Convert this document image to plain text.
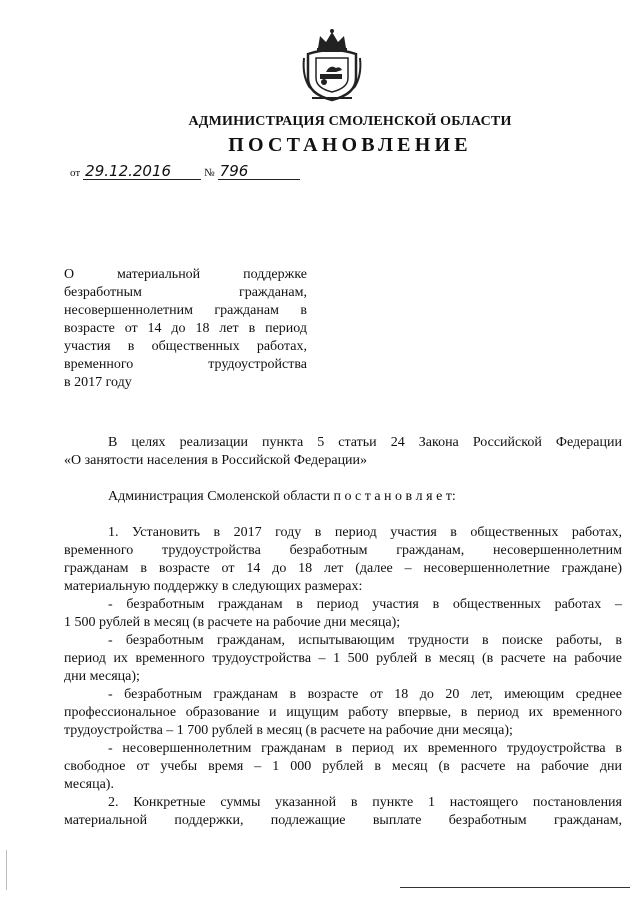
АДМИНИСТРАЦИЯ СМОЛЕНСКОЙ ОБЛАСТИ
ПОСТАНОВЛЕНИЕ
от 29.12.2016	№ 796
О материальной поддержке
безработным гражданам,
несовершеннолетним гражданам в
возрасте от 14 до 18 лет в период
участия в общественных работах,
временного трудоустройства
в 2017 году
В целях реализации пункта 5 статьи 24 Закона Российской Федерации
«О занятости населения в Российской Федерации»
Администрация Смоленской области п о с т а н о в л я е т:
1. Установить в 2017 году в период участия в общественных работах,
временного трудоустройства безработным гражданам, несовершеннолетним
гражданам в возрасте от 14 до 18 лет (далее – несовершеннолетние граждане)
материальную поддержку в следующих размерах:
- безработным гражданам в период участия в общественных работах –
1 500 рублей в месяц (в расчете на рабочие дни месяца);
- безработным гражданам, испытывающим трудности в поиске работы, в
период их временного трудоустройства – 1 500 рублей в месяц (в расчете на рабочие
дни месяца);
- безработным гражданам в возрасте от 18 до 20 лет, имеющим среднее
профессиональное образование и ищущим работу впервые, в период их временного
трудоустройства – 1 700 рублей в месяц (в расчете на рабочие дни месяца);
- несовершеннолетним гражданам в период их временного трудоустройства в
свободное от учебы время – 1 000 рублей в месяц (в расчете на рабочие дни
месяца).
2. Конкретные суммы указанной в пункте 1 настоящего постановления
материальной поддержки, подлежащие выплате безработным гражданам,
